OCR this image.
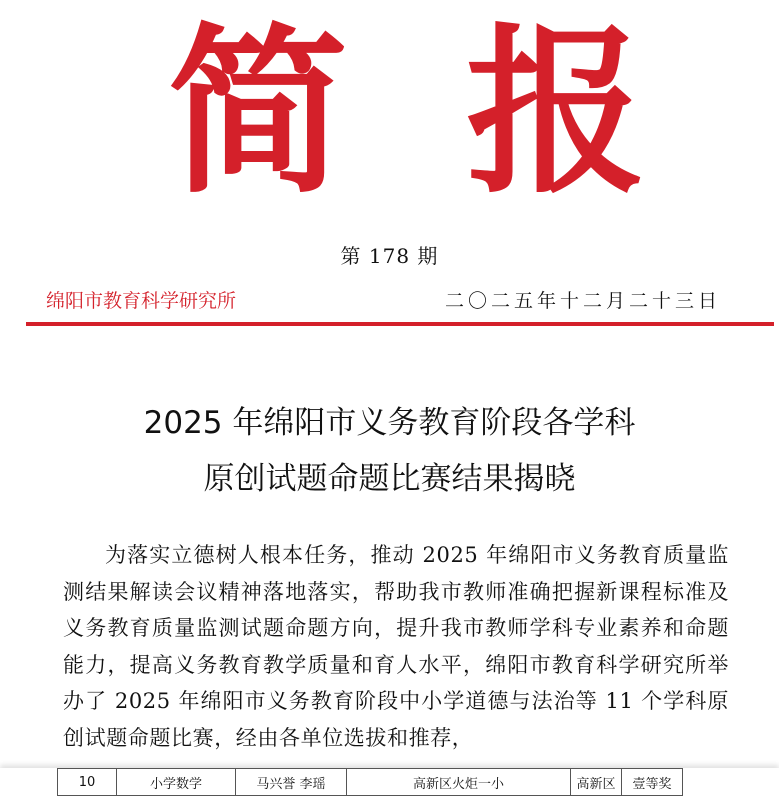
简 报
第 178 期
绵阳市教育科学研究所	二〇二五年十二月二十三日
2025 年绵阳市义务教育阶段各学科
原创试题命题比赛结果揭晓
为落实立德树人根本任务，推动 2025 年绵阳市义务教育质量监测结果解读会议精神落地落实，帮助我市教师准确把握新课程标准及义务教育质量监测试题命题方向，提升我市教师学科专业素养和命题能力，提高义务教育教学质量和育人水平，绵阳市教育科学研究所举办了 2025 年绵阳市义务教育阶段中小学道德与法治等 11 个学科原创试题命题比赛，经由各单位选拔和推荐，
10	小学数学	马兴誉 李瑶	高新区火炬一小	高新区	壹等奖
